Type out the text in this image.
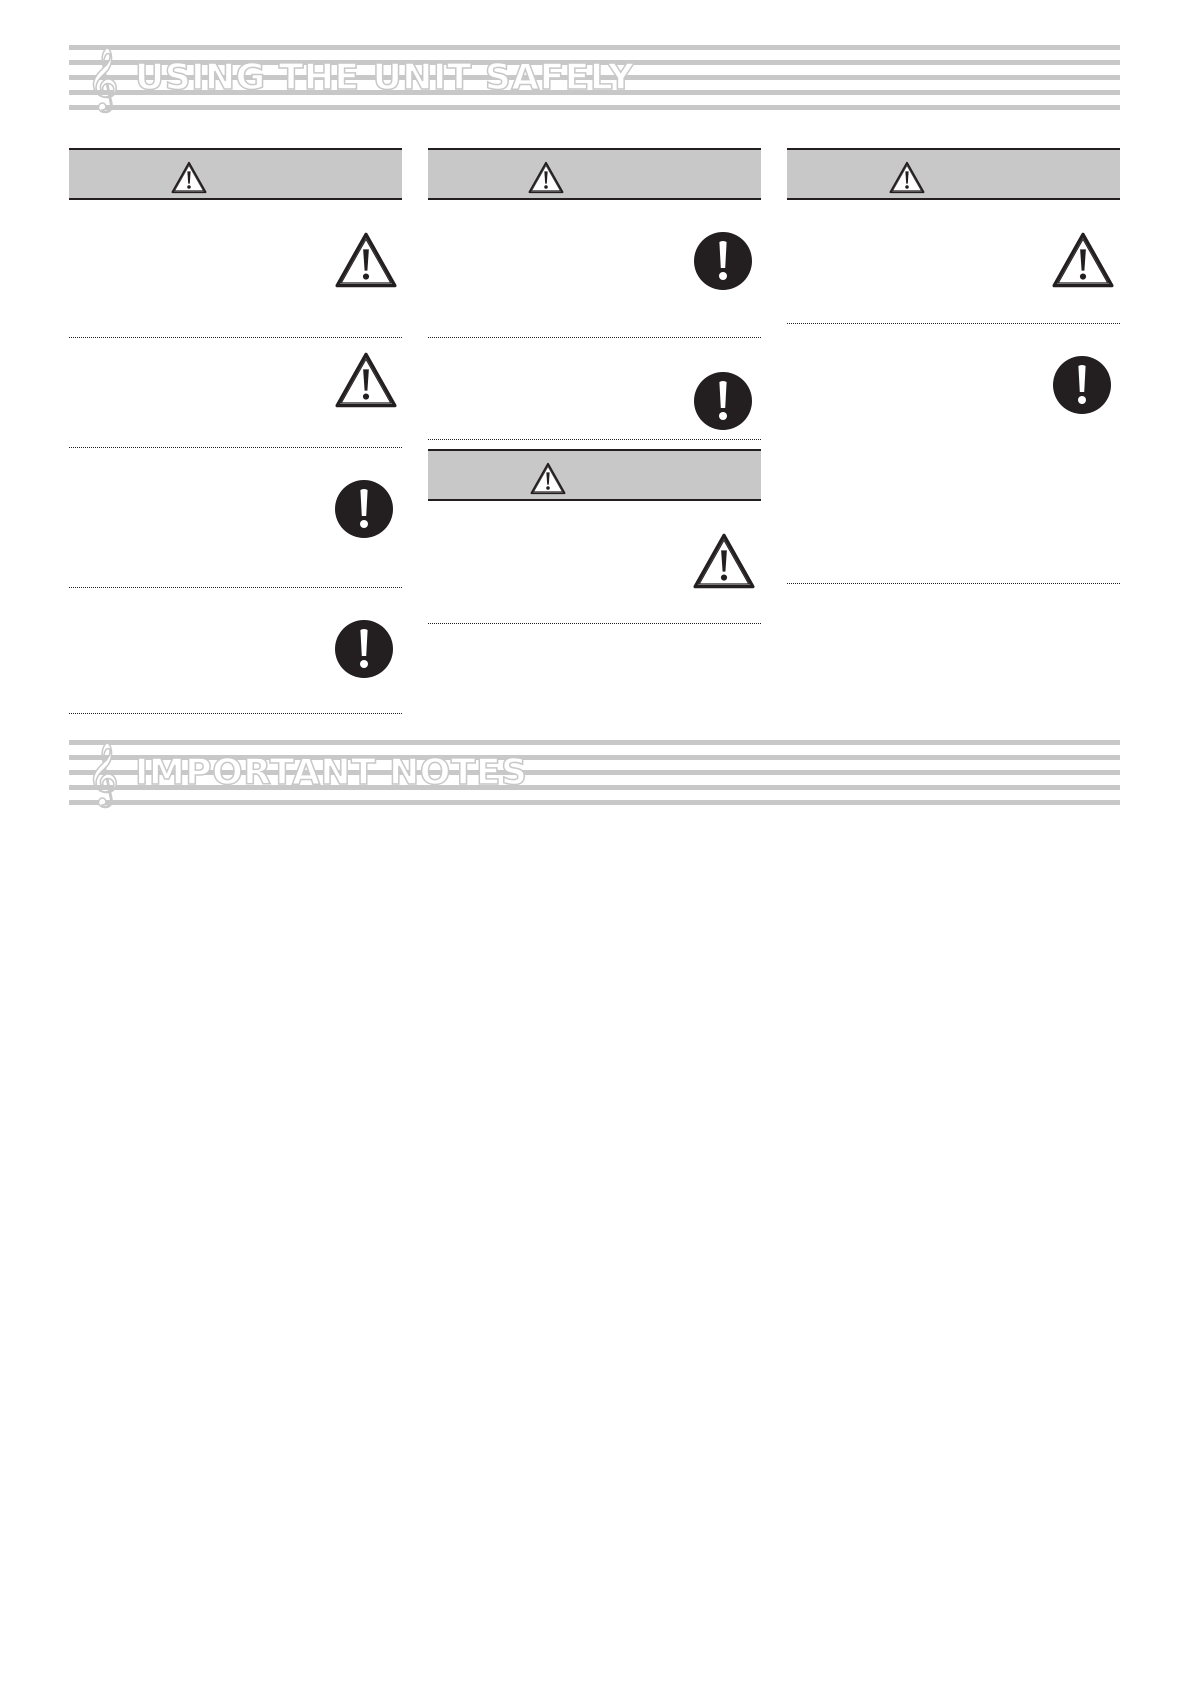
𝄞 USING THE UNIT SAFELY
𝄞 IMPORTANT NOTES
